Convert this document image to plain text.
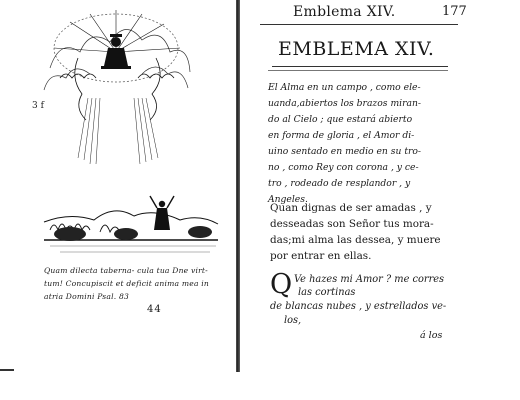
3 f
Quam dilecta taberna- cula tua Dne virt-
tum! Concupiscit et deficit anima mea in
atria Domini Psal. 83
44
Emblema XIV.	177
EMBLEMA XIV.
El Alma en un campo , como ele-
uanda,abiertos los brazos miran-
do al Cielo ; que estará abierto
en forma de gloria , el Amor di-
uino sentado en medio en su tro-
no , como Rey con corona , y ce-
tro , rodeado de resplandor , y
Angeles.
Quan dignas de ser amadas , y
desseadas son Señor tus mora-
das;mi alma las dessea, y muere
por entrar en ellas.
Q Ve hazes mi Amor ? me corres
las cortinas
de blancas nubes , y estrellados ve-
los,
á los
